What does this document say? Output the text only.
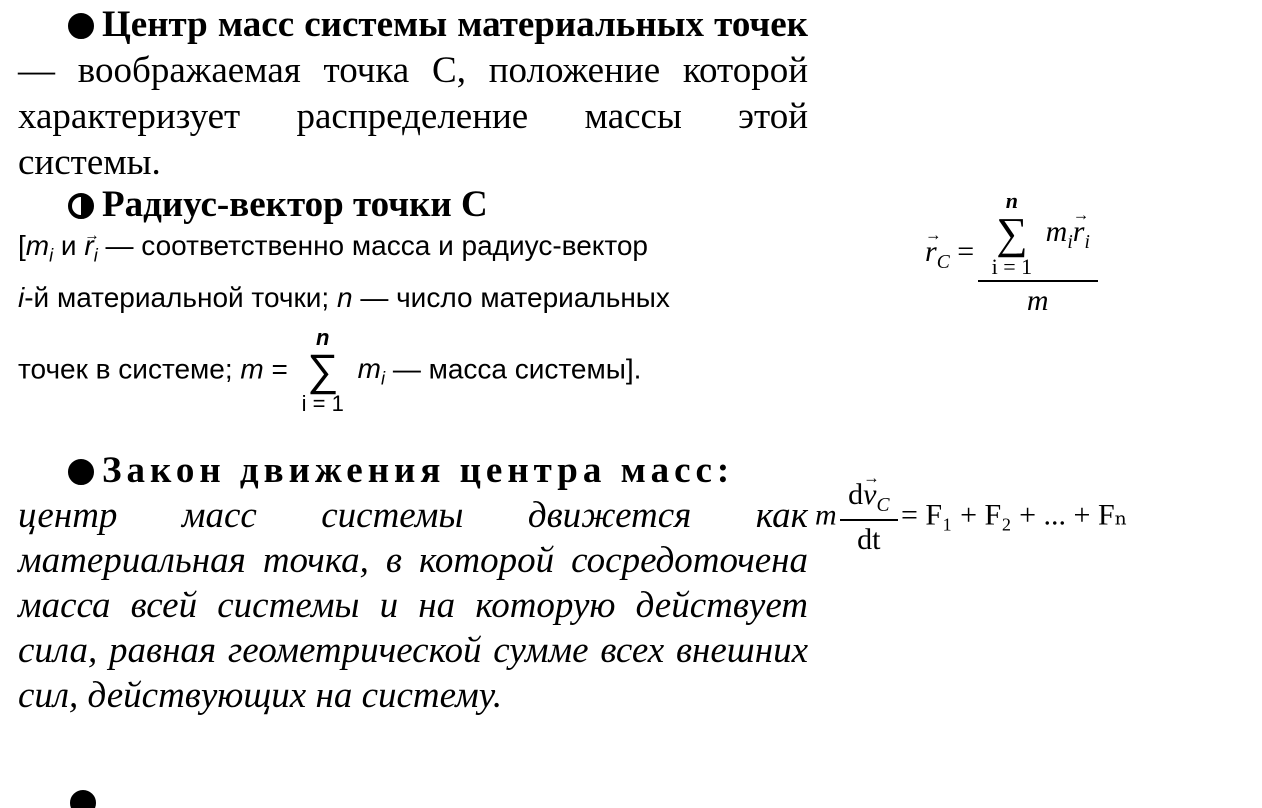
Центр масс системы материальных точек — воображаемая точка C, положение которой характеризует распределение массы этой системы.

Радиус-вектор точки C
[$m_i$ $и \to r_i$ — соответственно масса и радиус-вектор
i-й материальной точки; n — число материальных
точек в системе; m =
n
∑
i = 1
$m_i$ — масса системы].
Закон движения центра масс:

центр масс системы движется как материальная точка, в которой сосредоточена масса всей системы и на которую действует сила, равная геометрической сумме всех внешних сил, действующих на систему.

→ $r_C = n$
∑
i = 1
$m_i\to r_i$
m
m $\frac{d\to v_C}{dt} = F_1 + F_2$ + ... + Fₙ
